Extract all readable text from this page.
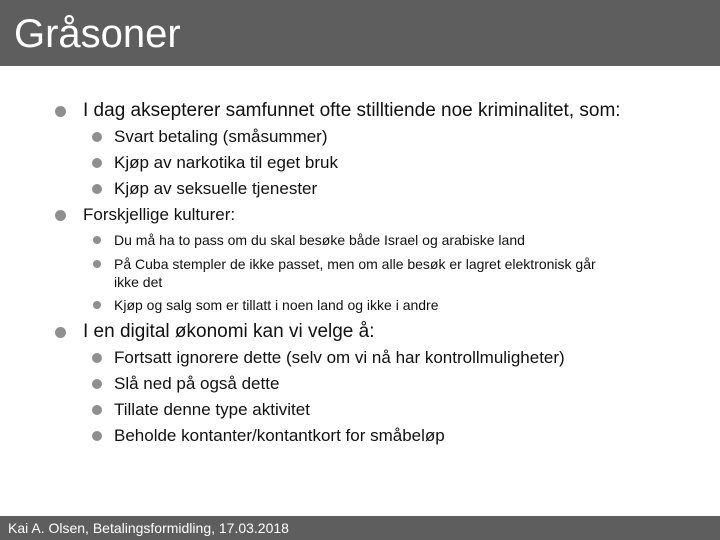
Gråsoner
I dag aksepterer samfunnet ofte stilltiende noe kriminalitet, som:
Svart betaling (småsummer)
Kjøp av narkotika til eget bruk
Kjøp av seksuelle tjenester
Forskjellige kulturer:
Du må ha to pass om du skal besøke både Israel og arabiske land
På Cuba stempler de ikke passet, men om alle besøk er lagret elektronisk går
ikke det
Kjøp og salg som er tillatt i noen land og ikke i andre
I en digital økonomi kan vi velge å:
Fortsatt ignorere dette (selv om vi nå har kontrollmuligheter)
Slå ned på også dette
Tillate denne type aktivitet
Beholde kontanter/kontantkort for småbeløp
Kai A. Olsen, Betalingsformidling, 17.03.2018
